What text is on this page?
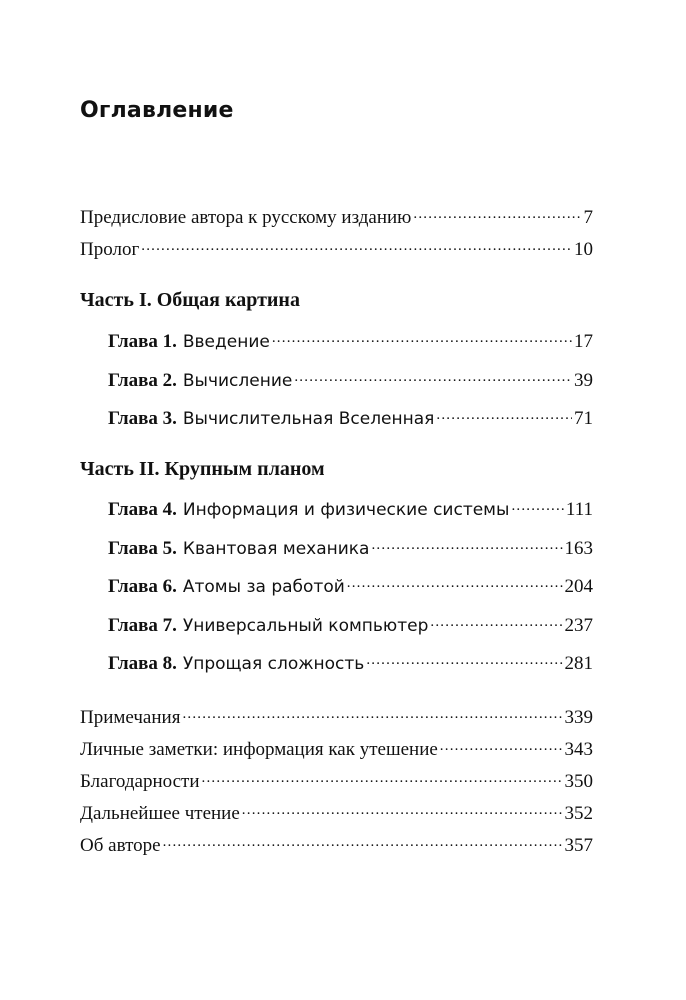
Оглавление
Предисловие автора к русскому изданию .....	7
Пролог .....	10
Часть I. Общая картина
Глава 1. Введение .....	17
Глава 2. Вычисление .....	39
Глава 3. Вычислительная Вселенная .....	71
Часть II. Крупным планом
Глава 4. Информация и физические системы .....	111
Глава 5. Квантовая механика .....	163
Глава 6. Атомы за работой .....	204
Глава 7. Универсальный компьютер .....	237
Глава 8. Упрощая сложность .....	281
Примечания .....	339
Личные заметки: информация как утешение .....	343
Благодарности .....	350
Дальнейшее чтение .....	352
Об авторе .....	357
